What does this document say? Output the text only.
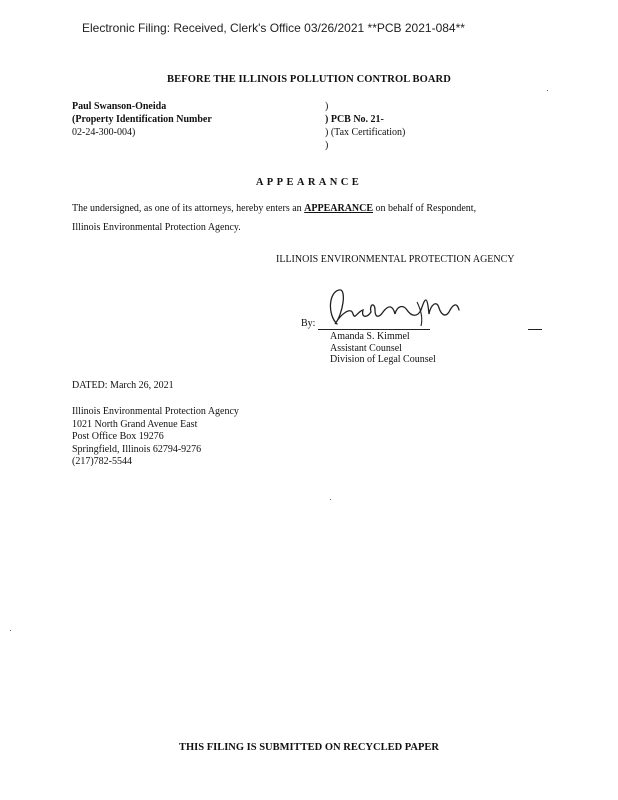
Electronic Filing: Received, Clerk's Office 03/26/2021 **PCB 2021-084**
BEFORE THE ILLINOIS POLLUTION CONTROL BOARD
Paul Swanson-Oneida
(Property Identification Number
02-24-300-004)
)
) PCB No. 21-
) (Tax Certification)
)
APPEARANCE
The undersigned, as one of its attorneys, hereby enters an APPEARANCE on behalf of Respondent,
Illinois Environmental Protection Agency.
ILLINOIS ENVIRONMENTAL PROTECTION AGENCY
By:
Amanda S. Kimmel
Assistant Counsel
Division of Legal Counsel
DATED: March 26, 2021
Illinois Environmental Protection Agency
1021 North Grand Avenue East
Post Office Box 19276
Springfield, Illinois 62794-9276
(217)782-5544
THIS FILING IS SUBMITTED ON RECYCLED PAPER
